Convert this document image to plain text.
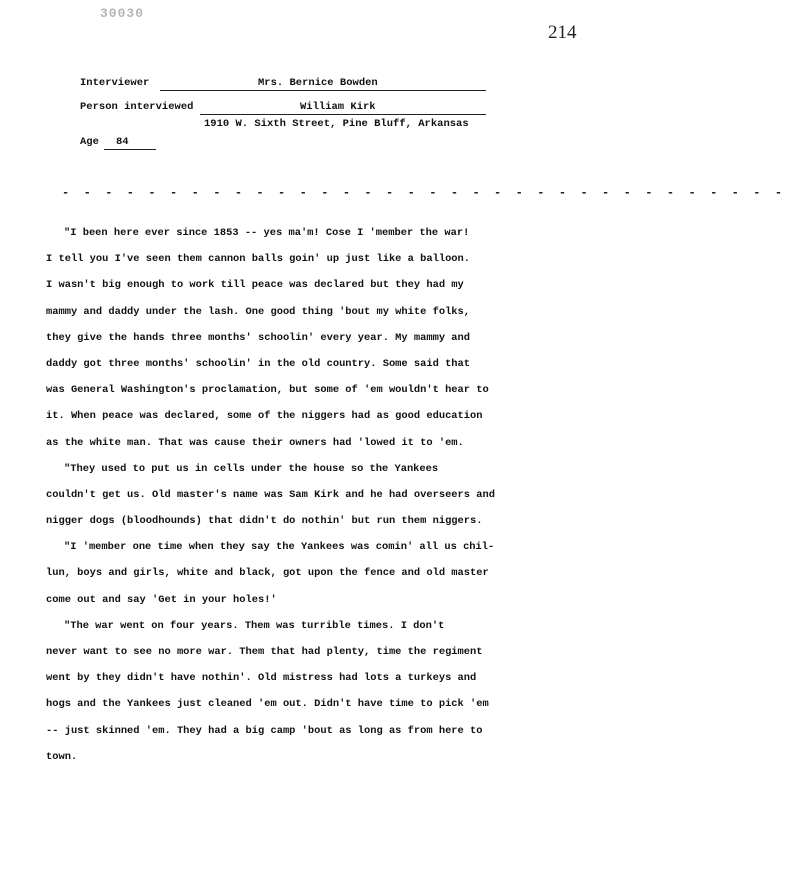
30030
214
Interviewer	Mrs. Bernice Bowden
Person interviewed	William Kirk
1910 W. Sixth Street, Pine Bluff, Arkansas
Age 84
- - - - - - - - - - - - - - - - - - - - - - - - - - - - - - - - - -
"I been here ever since 1853 -- yes ma'm! Cose I 'member the war!
I tell you I've seen them cannon balls goin' up just like a balloon.
I wasn't big enough to work till peace was declared but they had my
mammy and daddy under the lash. One good thing 'bout my white folks,
they give the hands three months' schoolin' every year. My mammy and
daddy got three months' schoolin' in the old country. Some said that
was General Washington's proclamation, but some of 'em wouldn't hear to
it. When peace was declared, some of the niggers had as good education
as the white man. That was cause their owners had 'lowed it to 'em.
"They used to put us in cells under the house so the Yankees
couldn't get us. Old master's name was Sam Kirk and he had overseers and
nigger dogs (bloodhounds) that didn't do nothin' but run them niggers.
"I 'member one time when they say the Yankees was comin' all us chil-
lun, boys and girls, white and black, got upon the fence and old master
come out and say 'Get in your holes!'
"The war went on four years. Them was turrible times. I don't
never want to see no more war. Them that had plenty, time the regiment
went by they didn't have nothin'. Old mistress had lots a turkeys and
hogs and the Yankees just cleaned 'em out. Didn't have time to pick 'em
-- just skinned 'em. They had a big camp 'bout as long as from here to
town.
